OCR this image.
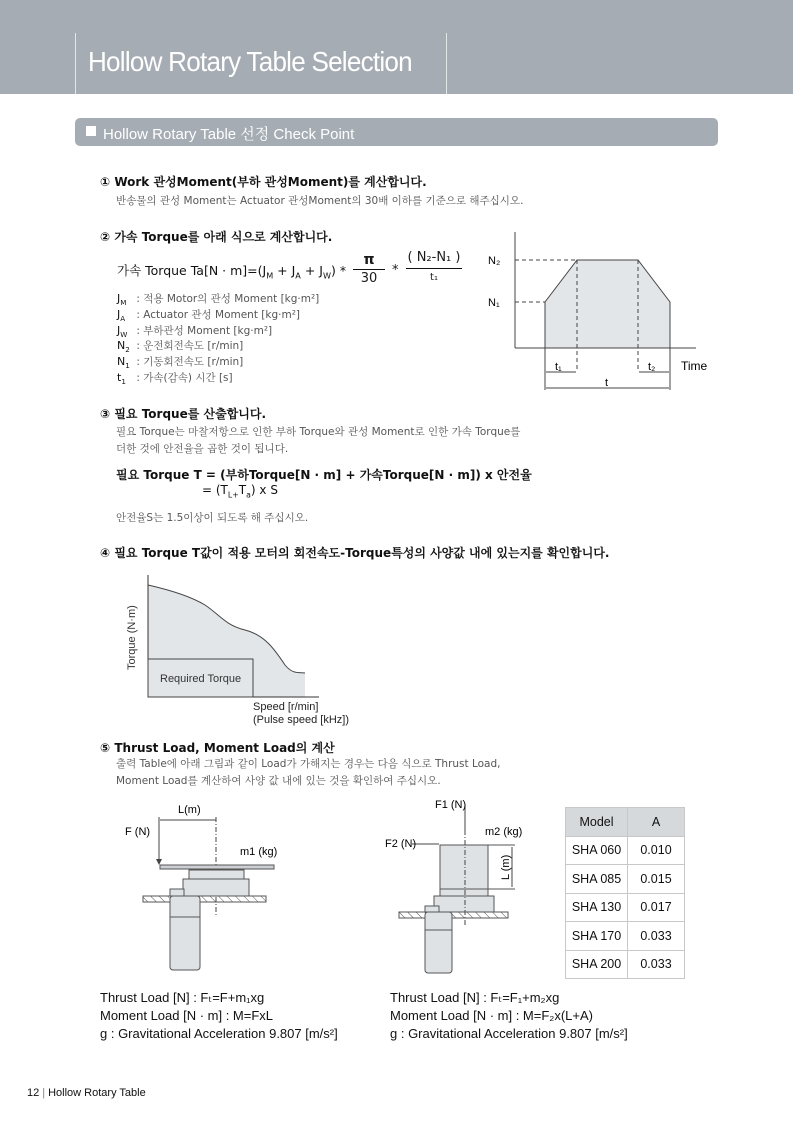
Hollow Rotary Table Selection
Hollow Rotary Table 선정 Check Point
① Work 관성Moment(부하 관성Moment)를 계산합니다.
반송물의 관성 Moment는 Actuator 관성Moment의 30배 이하를 기준으로 해주십시오.
② 가속 Torque를 아래 식으로 계산합니다.
가속 Torque $Ta[N \cdot m]=(J_M + J_A + J_W)$ *
π
30
*
( N₂-N₁ )
t₁
$J_M$ : 적용 Motor의 관성 Moment [kg·m²]
$J_A$ : Actuator 관성 Moment [kg·m²]
$J_W$ : 부하관성 Moment [kg·m²]
$N_2$ : 운전회전속도 [r/min]
$N_1$ : 기동회전속도 [r/min]
$t_1$ : 가속(감속) 시간 [s]
N₂
N₁
t₁	t₂
t
Time
③ 필요 Torque를 산출합니다.
필요 Torque는 마찰저항으로 인한 부하 Torque와 관성 Moment로 인한 가속 Torque를
더한 것에 안전율을 곱한 것이 됩니다.
필요 Torque T = (부하Torque[N · m] + 가속Torque[N · m]) x 안전율
= $(T_{L+}T_a)$ x S
안전율S는 1.5이상이 되도록 해 주십시오.
④ 필요 Torque T값이 적용 모터의 회전속도-Torque특성의 사양값 내에 있는지를 확인합니다.
Required Torque
Torque (N·m)
Speed [r/min]
(Pulse speed [kHz])
⑤ Thrust Load, Moment Load의 계산
출력 Table에 아래 그림과 같이 Load가 가해지는 경우는 다음 식으로 Thrust Load,
Moment Load를 계산하여 사양 값 내에 있는 것을 확인하여 주십시오.
L(m)
F (N)
m1 (kg)
F1 (N)
F2 (N)
m2 (kg)
L (m)
Model	A
SHA 060	0.010
SHA 085	0.015
SHA 130	0.017
SHA 170	0.033
SHA 200	0.033
Thrust Load [N] : Fₜ=F+m₁xg
Moment Load [N · m] : M=FxL
g : Gravitational Acceleration 9.807 [m/s²]
Thrust Load [N] : Fₜ=F₁+m₂xg
Moment Load [N · m] : M=F₂x(L+A)
g : Gravitational Acceleration 9.807 [m/s²]
12 | Hollow Rotary Table
